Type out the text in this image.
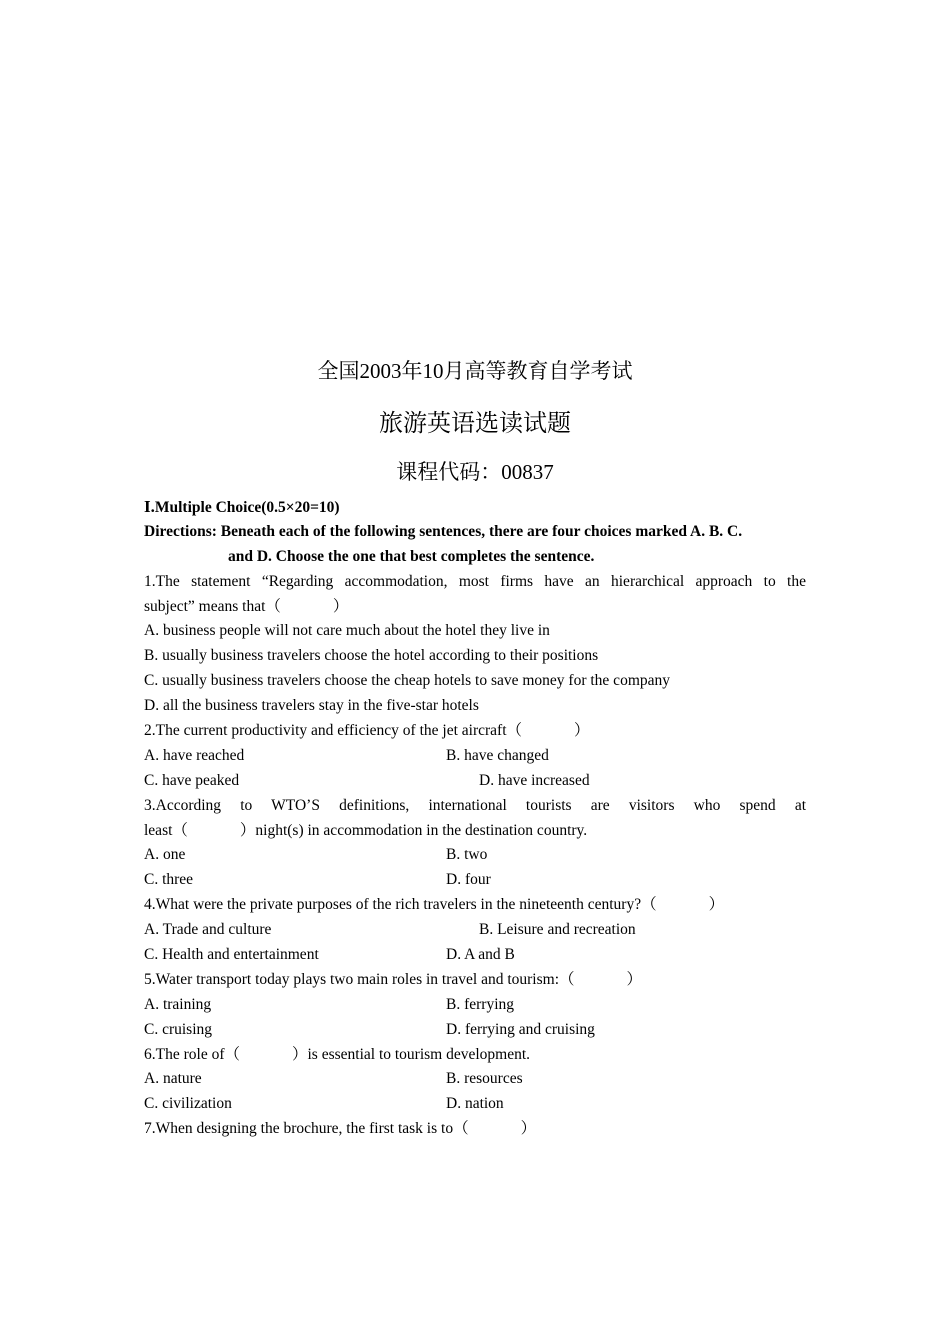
全国2003年10月高等教育自学考试
旅游英语选读试题
课程代码：00837
I.Multiple Choice(0.5×20=10)
Directions: Beneath each of the following sentences, there are four choices marked A. B. C.
and D. Choose the one that best completes the sentence.
1.The statement “Regarding accommodation, most firms have an hierarchical approach to the
subject” means that（	）
A. business people will not care much about the hotel they live in
B. usually business travelers choose the hotel according to their positions
C. usually business travelers choose the cheap hotels to save money for the company
D. all the business travelers stay in the five-star hotels
2.The current productivity and efficiency of the jet aircraft（	）
A. have reached	B. have changed
C. have peaked	D. have increased
3.According to WTO’S definitions, international tourists are visitors who spend at
least（	）night(s) in accommodation in the destination country.
A. one	B. two
C. three	D. four
4.What were the private purposes of the rich travelers in the nineteenth century?（	）
A. Trade and culture	B. Leisure and recreation
C. Health and entertainment	D. A and B
5.Water transport today plays two main roles in travel and tourism:（	）
A. training	B. ferrying
C. cruising	D. ferrying and cruising
6.The role of（	）is essential to tourism development.
A. nature	B. resources
C. civilization	D. nation
7.When designing the brochure, the first task is to（	）
